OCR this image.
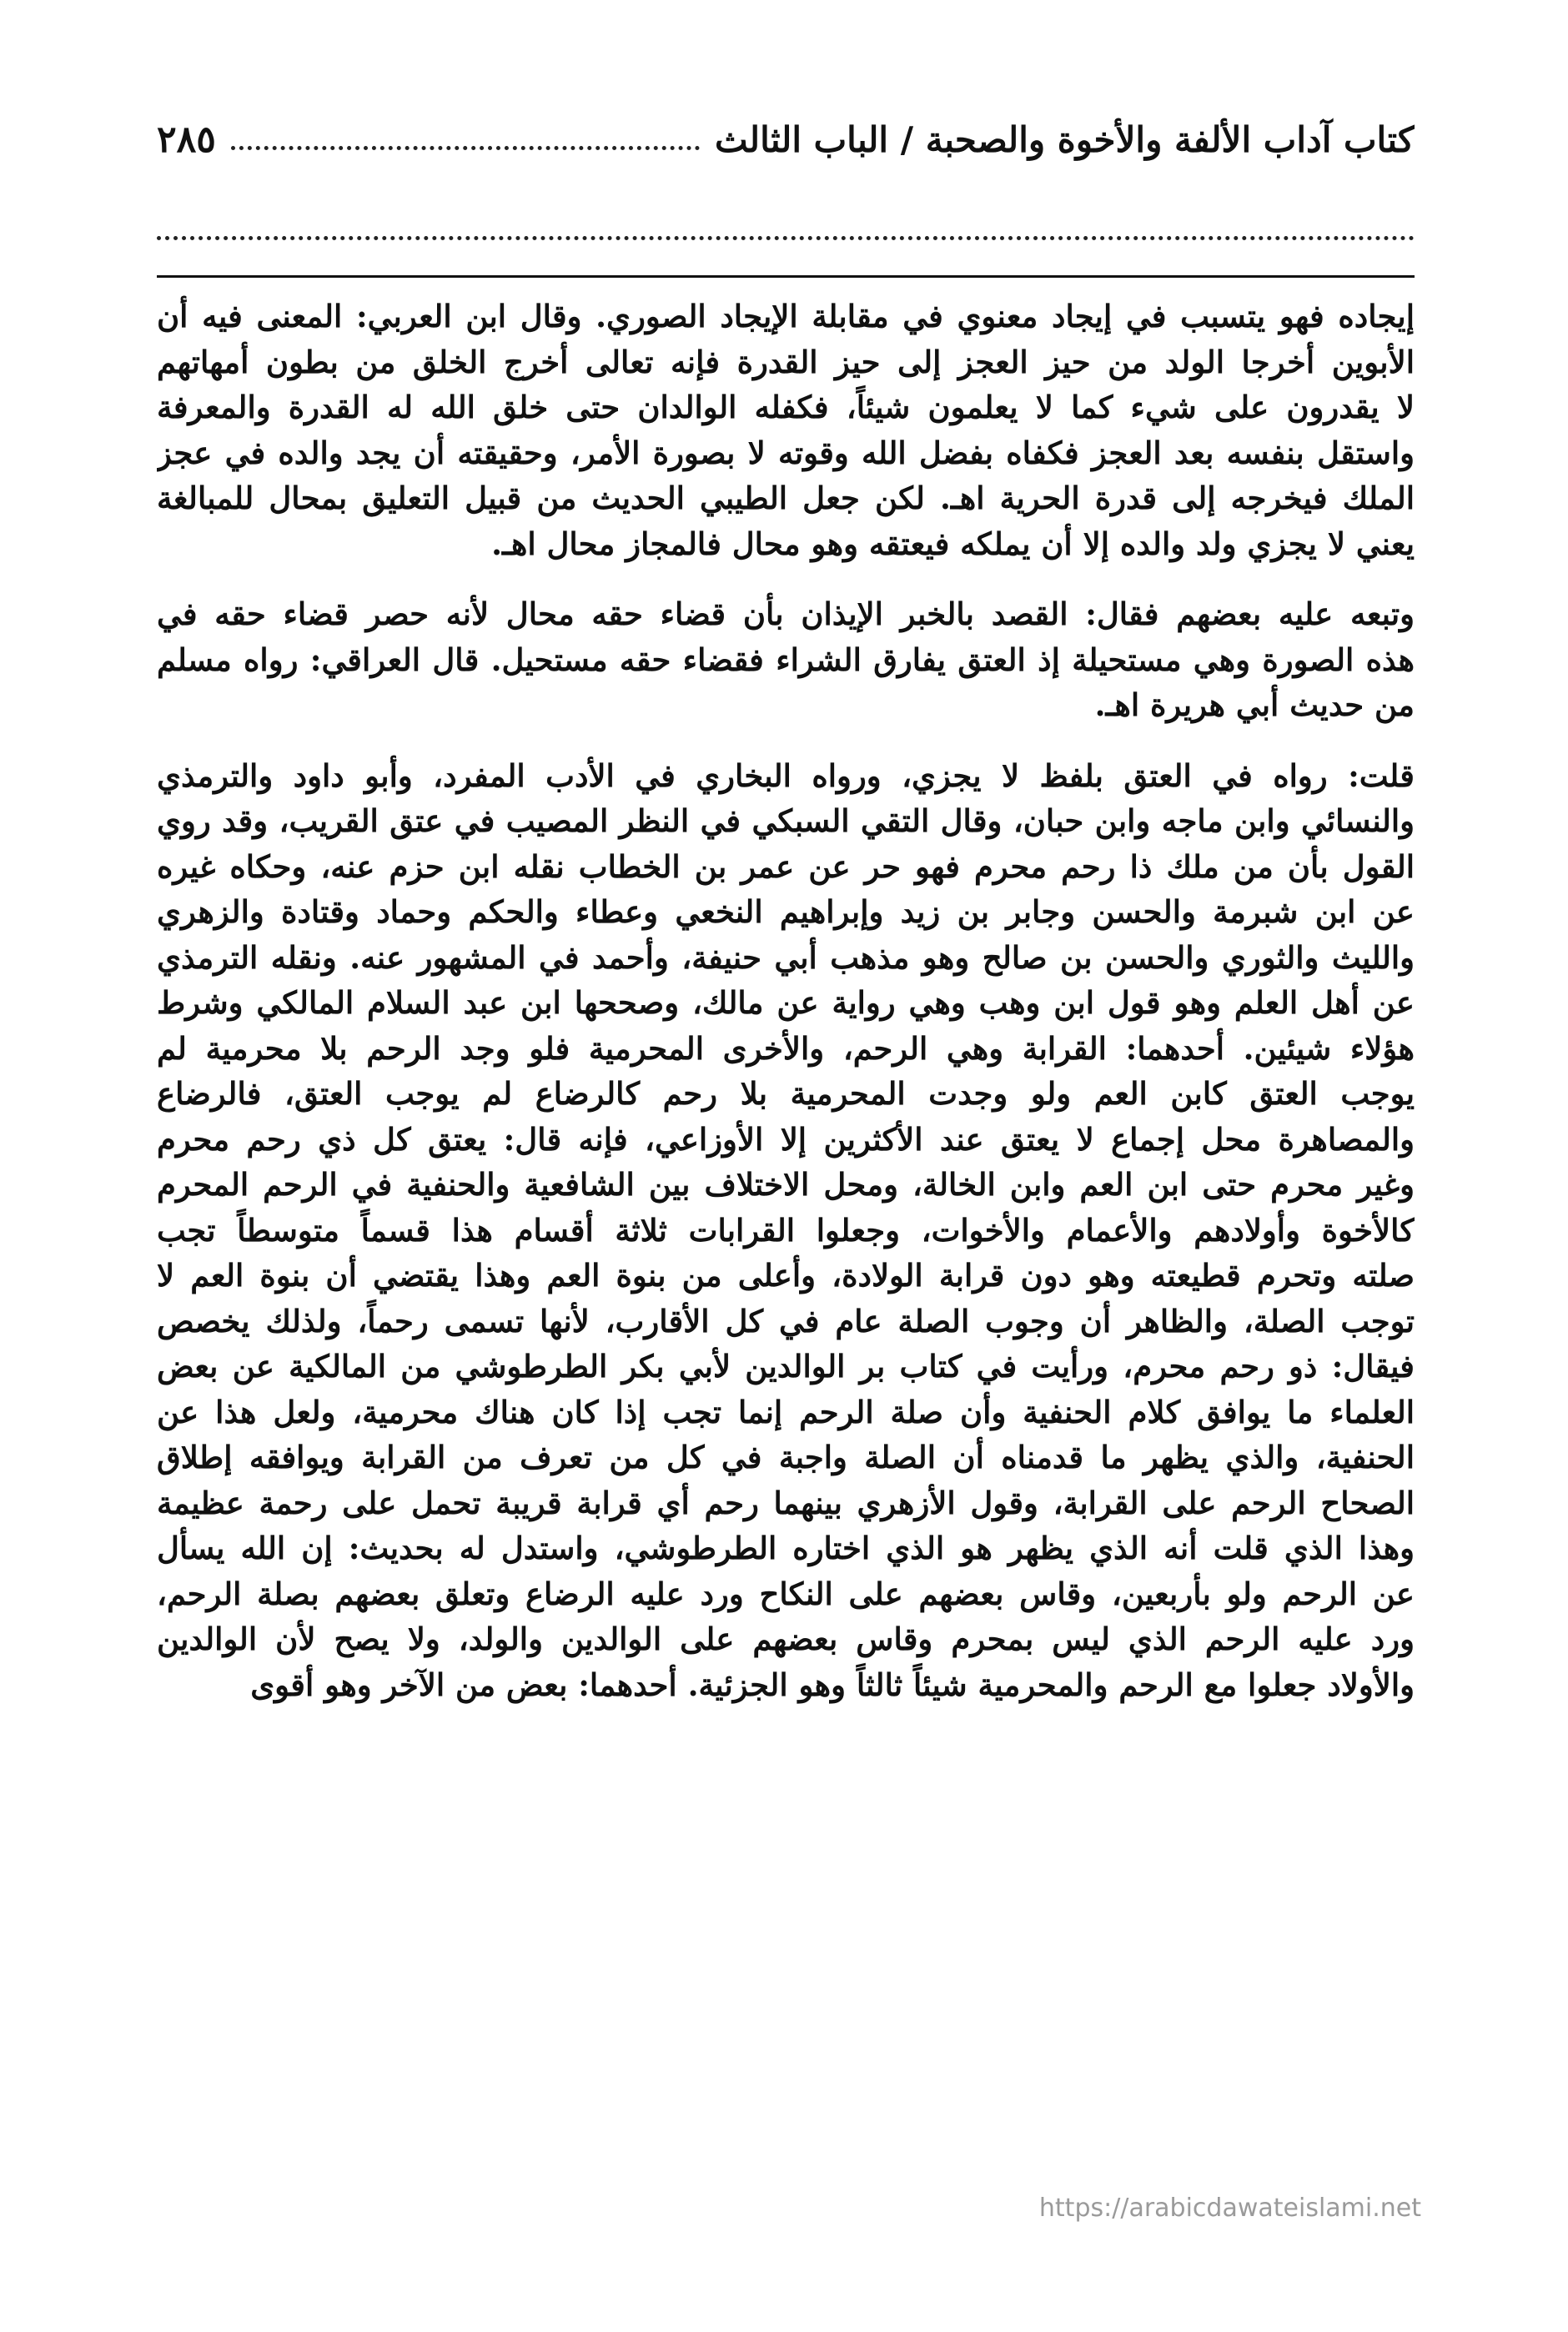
كتاب آداب الألفة والأخوة والصحبة / الباب الثالث
٢٨٥
إيجاده فهو يتسبب في إيجاد معنوي في مقابلة الإيجاد الصوري. وقال ابن العربي: المعنى فيه أن
الأبوين أخرجا الولد من حيز العجز إلى حيز القدرة فإنه تعالى أخرج الخلق من بطون أمهاتهم
لا يقدرون على شيء كما لا يعلمون شيئاً، فكفله الوالدان حتى خلق الله له القدرة والمعرفة
واستقل بنفسه بعد العجز فكفاه بفضل الله وقوته لا بصورة الأمر، وحقيقته أن يجد والده في عجز
الملك فيخرجه إلى قدرة الحرية اهـ. لكن جعل الطيبي الحديث من قبيل التعليق بمحال للمبالغة
يعني لا يجزي ولد والده إلا أن يملكه فيعتقه وهو محال فالمجاز محال اهـ.
وتبعه عليه بعضهم فقال: القصد بالخبر الإيذان بأن قضاء حقه محال لأنه حصر قضاء حقه في
هذه الصورة وهي مستحيلة إذ العتق يفارق الشراء فقضاء حقه مستحيل. قال العراقي: رواه مسلم
من حديث أبي هريرة اهـ.
قلت: رواه في العتق بلفظ لا يجزي، ورواه البخاري في الأدب المفرد، وأبو داود والترمذي
والنسائي وابن ماجه وابن حبان، وقال التقي السبكي في النظر المصيب في عتق القريب، وقد روي
القول بأن من ملك ذا رحم محرم فهو حر عن عمر بن الخطاب نقله ابن حزم عنه، وحكاه غيره
عن ابن شبرمة والحسن وجابر بن زيد وإبراهيم النخعي وعطاء والحكم وحماد وقتادة والزهري
والليث والثوري والحسن بن صالح وهو مذهب أبي حنيفة، وأحمد في المشهور عنه. ونقله الترمذي
عن أهل العلم وهو قول ابن وهب وهي رواية عن مالك، وصححها ابن عبد السلام المالكي وشرط
هؤلاء شيئين. أحدهما: القرابة وهي الرحم، والأخرى المحرمية فلو وجد الرحم بلا محرمية لم
يوجب العتق كابن العم ولو وجدت المحرمية بلا رحم كالرضاع لم يوجب العتق، فالرضاع
والمصاهرة محل إجماع لا يعتق عند الأكثرين إلا الأوزاعي، فإنه قال: يعتق كل ذي رحم محرم
وغير محرم حتى ابن العم وابن الخالة، ومحل الاختلاف بين الشافعية والحنفية في الرحم المحرم
كالأخوة وأولادهم والأعمام والأخوات، وجعلوا القرابات ثلاثة أقسام هذا قسماً متوسطاً تجب
صلته وتحرم قطيعته وهو دون قرابة الولادة، وأعلى من بنوة العم وهذا يقتضي أن بنوة العم لا
توجب الصلة، والظاهر أن وجوب الصلة عام في كل الأقارب، لأنها تسمى رحماً، ولذلك يخصص
فيقال: ذو رحم محرم، ورأيت في كتاب بر الوالدين لأبي بكر الطرطوشي من المالكية عن بعض
العلماء ما يوافق كلام الحنفية وأن صلة الرحم إنما تجب إذا كان هناك محرمية، ولعل هذا عن
الحنفية، والذي يظهر ما قدمناه أن الصلة واجبة في كل من تعرف من القرابة ويوافقه إطلاق
الصحاح الرحم على القرابة، وقول الأزهري بينهما رحم أي قرابة قريبة تحمل على رحمة عظيمة
وهذا الذي قلت أنه الذي يظهر هو الذي اختاره الطرطوشي، واستدل له بحديث: إن الله يسأل
عن الرحم ولو بأربعين، وقاس بعضهم على النكاح ورد عليه الرضاع وتعلق بعضهم بصلة الرحم،
ورد عليه الرحم الذي ليس بمحرم وقاس بعضهم على الوالدين والولد، ولا يصح لأن الوالدين
والأولاد جعلوا مع الرحم والمحرمية شيئاً ثالثاً وهو الجزئية. أحدهما: بعض من الآخر وهو أقوى
https://arabicdawateislami.net
